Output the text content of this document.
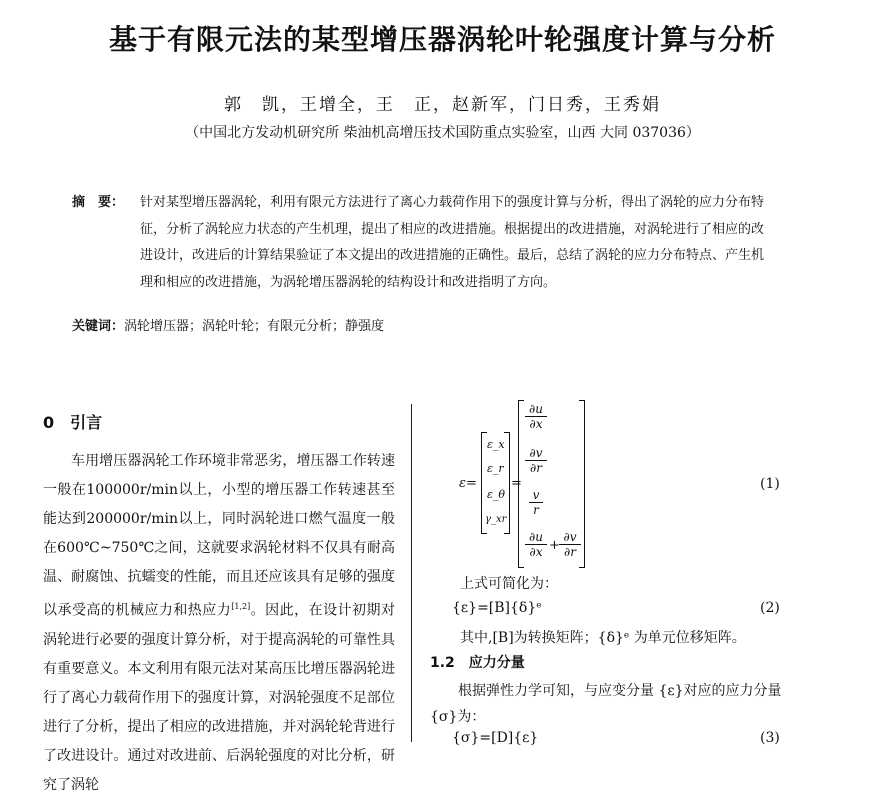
基于有限元法的某型增压器涡轮叶轮强度计算与分析
郭　凯，王增全，王　正，赵新军，门日秀，王秀娟
（中国北方发动机研究所 柴油机高增压技术国防重点实验室，山西 大同 037036）
摘　要： 针对某型增压器涡轮，利用有限元方法进行了离心力载荷作用下的强度计算与分析，得出了涡轮的应力分布特征，分析了涡轮应力状态的产生机理，提出了相应的改进措施。根据提出的改进措施，对涡轮进行了相应的改进设计，改进后的计算结果验证了本文提出的改进措施的正确性。最后，总结了涡轮的应力分布特点、产生机理和相应的改进措施，为涡轮增压器涡轮的结构设计和改进指明了方向。
关键词：涡轮增压器；涡轮叶轮；有限元分析；静强度
0　引言

车用增压器涡轮工作环境非常恶劣，增压器工作转速一般在100000r/min以上，小型的增压器工作转速甚至能达到200000r/min以上，同时涡轮进口燃气温度一般在600℃~750℃之间，这就要求涡轮材料不仅具有耐高温、耐腐蚀、抗蠕变的性能，而且还应该具有足够的强度以承受高的机械应力和热应力[1,2]。因此，在设计初期对涡轮进行必要的强度计算分析，对于提高涡轮的可靠性具有重要意义。本文利用有限元法对某高压比增压器涡轮进行了离心力载荷作用下的强度计算，对涡轮强度不足部位进行了分析，提出了相应的改进措施，并对涡轮轮背进行了改进设计。通过对改进前、后涡轮强度的对比分析，研究了涡轮

ε=
ε_x
ε_r
ε_θ
γ_xr
=
$\frac{\partial u}{\partial x}$
$\frac{\partial v}{\partial r}$
$\frac{v}{r}$
$\frac{\partial u}{\partial x} + \frac{\partial v}{\partial r}$
(1)
上式可简化为：
{ε}=[B]{δ}ᵉ	(2)
其中,[B]为转换矩阵；{δ}ᵉ 为单元位移矩阵。
1.2　应力分量
根据弹性力学可知，与应变分量 {ε}对应的应力分量 {σ}为：
{σ}=[D]{ε}	(3)
